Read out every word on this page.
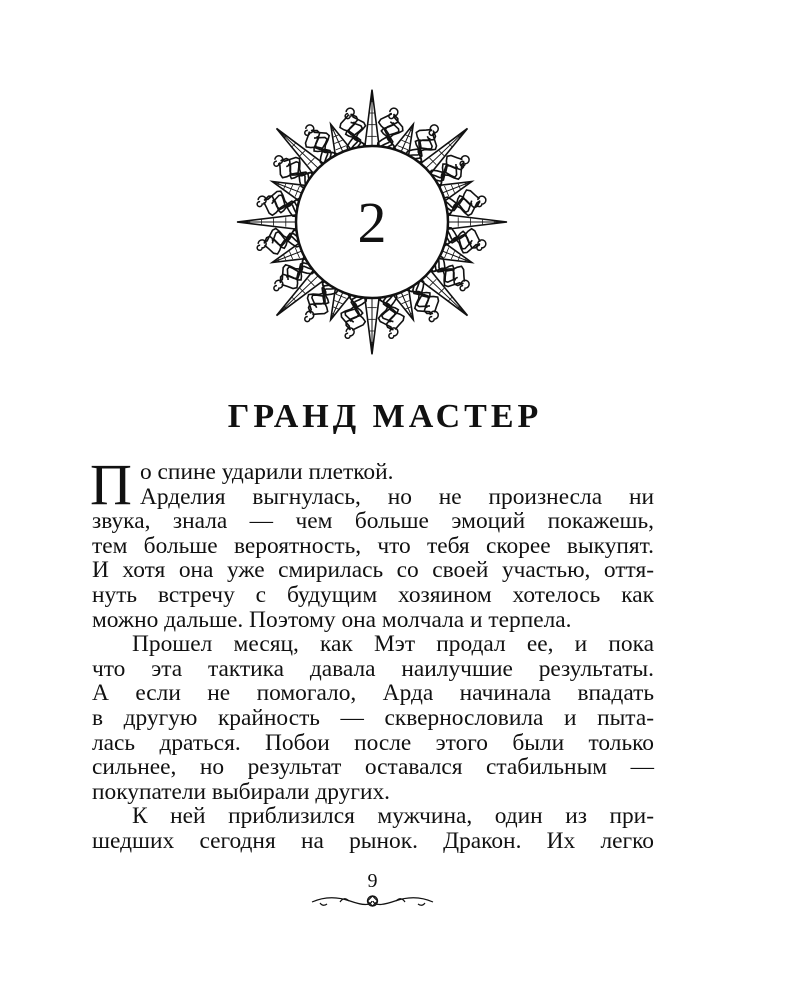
2
ГРАНД МАСТЕР
П о спине ударили плеткой.
Арделия выгнулась, но не произнесла ни
звука, знала — чем больше эмоций покажешь,
тем больше вероятность, что тебя скорее выкупят.
И хотя она уже смирилась со своей участью, оття-
нуть встречу с будущим хозяином хотелось как
можно дальше. Поэтому она молчала и терпела.
Прошел месяц, как Мэт продал ее, и пока
что эта тактика давала наилучшие результаты.
А если не помогало, Арда начинала впадать
в другую крайность — сквернословила и пыта-
лась драться. Побои после этого были только
сильнее, но результат оставался стабильным —
покупатели выбирали других.
К ней приблизился мужчина, один из при-
шедших сегодня на рынок. Дракон. Их легко
9
